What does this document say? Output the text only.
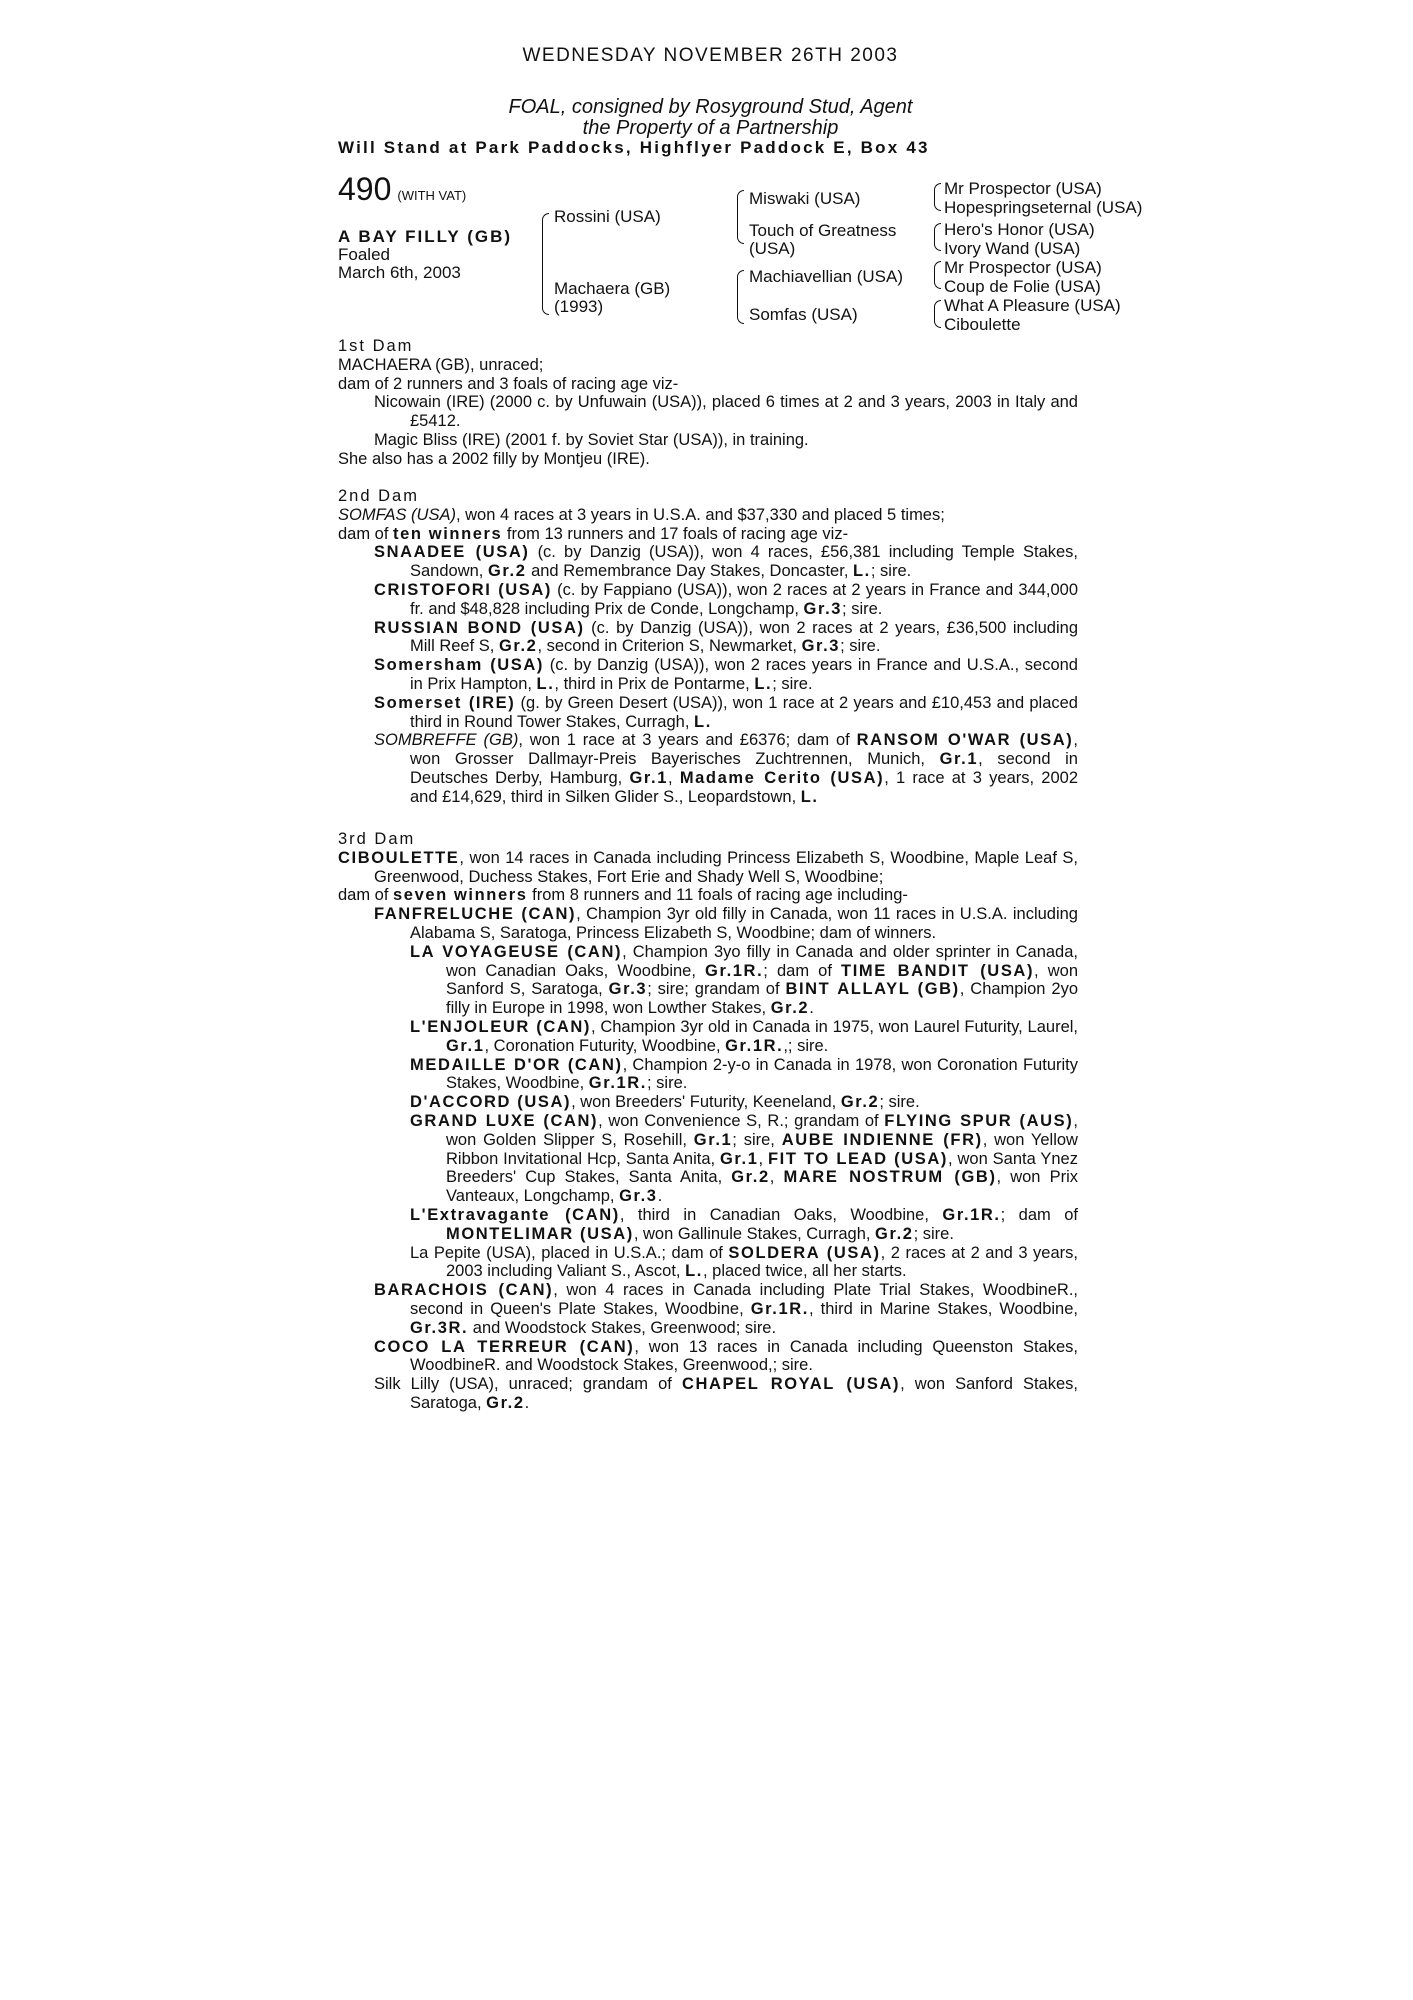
WEDNESDAY NOVEMBER 26TH 2003
FOAL, consigned by Rosyground Stud, Agent
the Property of a Partnership
Will Stand at Park Paddocks, Highflyer Paddock E, Box 43
490 (WITH VAT)
A BAY FILLY (GB)
Foaled
March 6th, 2003
Rossini (USA)
Machaera (GB)
(1993)
Miswaki (USA)
Touch of Greatness
(USA)
Machiavellian (USA)
Somfas (USA)
Mr Prospector (USA)
Hopespringseternal (USA)
Hero's Honor (USA)
Ivory Wand (USA)
Mr Prospector (USA)
Coup de Folie (USA)
What A Pleasure (USA)
Ciboulette
1st Dam

MACHAERA (GB), unraced;

dam of 2 runners and 3 foals of racing age viz-

Nicowain (IRE) (2000 c. by Unfuwain (USA)), placed 6 times at 2 and 3 years, 2003 in Italy and £5412.

Magic Bliss (IRE) (2001 f. by Soviet Star (USA)), in training.

She also has a 2002 filly by Montjeu (IRE).

2nd Dam

SOMFAS (USA), won 4 races at 3 years in U.S.A. and $37,330 and placed 5 times;

dam of ten winners from 13 runners and 17 foals of racing age viz-

SNAADEE (USA) (c. by Danzig (USA)), won 4 races, £56,381 including Temple Stakes, Sandown, Gr.2 and Remembrance Day Stakes, Doncaster, L.; sire.

CRISTOFORI (USA) (c. by Fappiano (USA)), won 2 races at 2 years in France and 344,000 fr. and $48,828 including Prix de Conde, Longchamp, Gr.3; sire.

RUSSIAN BOND (USA) (c. by Danzig (USA)), won 2 races at 2 years, £36,500 including Mill Reef S, Gr.2, second in Criterion S, Newmarket, Gr.3; sire.

Somersham (USA) (c. by Danzig (USA)), won 2 races years in France and U.S.A., second in Prix Hampton, L., third in Prix de Pontarme, L.; sire.

Somerset (IRE) (g. by Green Desert (USA)), won 1 race at 2 years and £10,453 and placed third in Round Tower Stakes, Curragh, L.

SOMBREFFE (GB), won 1 race at 3 years and £6376; dam of RANSOM O'WAR (USA), won Grosser Dallmayr-Preis Bayerisches Zuchtrennen, Munich, Gr.1, second in Deutsches Derby, Hamburg, Gr.1, Madame Cerito (USA), 1 race at 3 years, 2002 and £14,629, third in Silken Glider S., Leopardstown, L.

3rd Dam

CIBOULETTE, won 14 races in Canada including Princess Elizabeth S, Woodbine, Maple Leaf S, Greenwood, Duchess Stakes, Fort Erie and Shady Well S, Woodbine;

dam of seven winners from 8 runners and 11 foals of racing age including-

FANFRELUCHE (CAN), Champion 3yr old filly in Canada, won 11 races in U.S.A. including Alabama S, Saratoga, Princess Elizabeth S, Woodbine; dam of winners.

LA VOYAGEUSE (CAN), Champion 3yo filly in Canada and older sprinter in Canada, won Canadian Oaks, Woodbine, Gr.1R.; dam of TIME BANDIT (USA), won Sanford S, Saratoga, Gr.3; sire; grandam of BINT ALLAYL (GB), Champion 2yo filly in Europe in 1998, won Lowther Stakes, Gr.2.

L'ENJOLEUR (CAN), Champion 3yr old in Canada in 1975, won Laurel Futurity, Laurel, Gr.1, Coronation Futurity, Woodbine, Gr.1R.,; sire.

MEDAILLE D'OR (CAN), Champion 2-y-o in Canada in 1978, won Coronation Futurity Stakes, Woodbine, Gr.1R.; sire.

D'ACCORD (USA), won Breeders' Futurity, Keeneland, Gr.2; sire.

GRAND LUXE (CAN), won Convenience S, R.; grandam of FLYING SPUR (AUS), won Golden Slipper S, Rosehill, Gr.1; sire, AUBE INDIENNE (FR), won Yellow Ribbon Invitational Hcp, Santa Anita, Gr.1, FIT TO LEAD (USA), won Santa Ynez Breeders' Cup Stakes, Santa Anita, Gr.2, MARE NOSTRUM (GB), won Prix Vanteaux, Longchamp, Gr.3.

L'Extravagante (CAN), third in Canadian Oaks, Woodbine, Gr.1R.; dam of MONTELIMAR (USA), won Gallinule Stakes, Curragh, Gr.2; sire.

La Pepite (USA), placed in U.S.A.; dam of SOLDERA (USA), 2 races at 2 and 3 years, 2003 including Valiant S., Ascot, L., placed twice, all her starts.

BARACHOIS (CAN), won 4 races in Canada including Plate Trial Stakes, WoodbineR., second in Queen's Plate Stakes, Woodbine, Gr.1R., third in Marine Stakes, Woodbine, Gr.3R. and Woodstock Stakes, Greenwood; sire.

COCO LA TERREUR (CAN), won 13 races in Canada including Queenston Stakes, WoodbineR. and Woodstock Stakes, Greenwood,; sire.

Silk Lilly (USA), unraced; grandam of CHAPEL ROYAL (USA), won Sanford Stakes, Saratoga, Gr.2.
